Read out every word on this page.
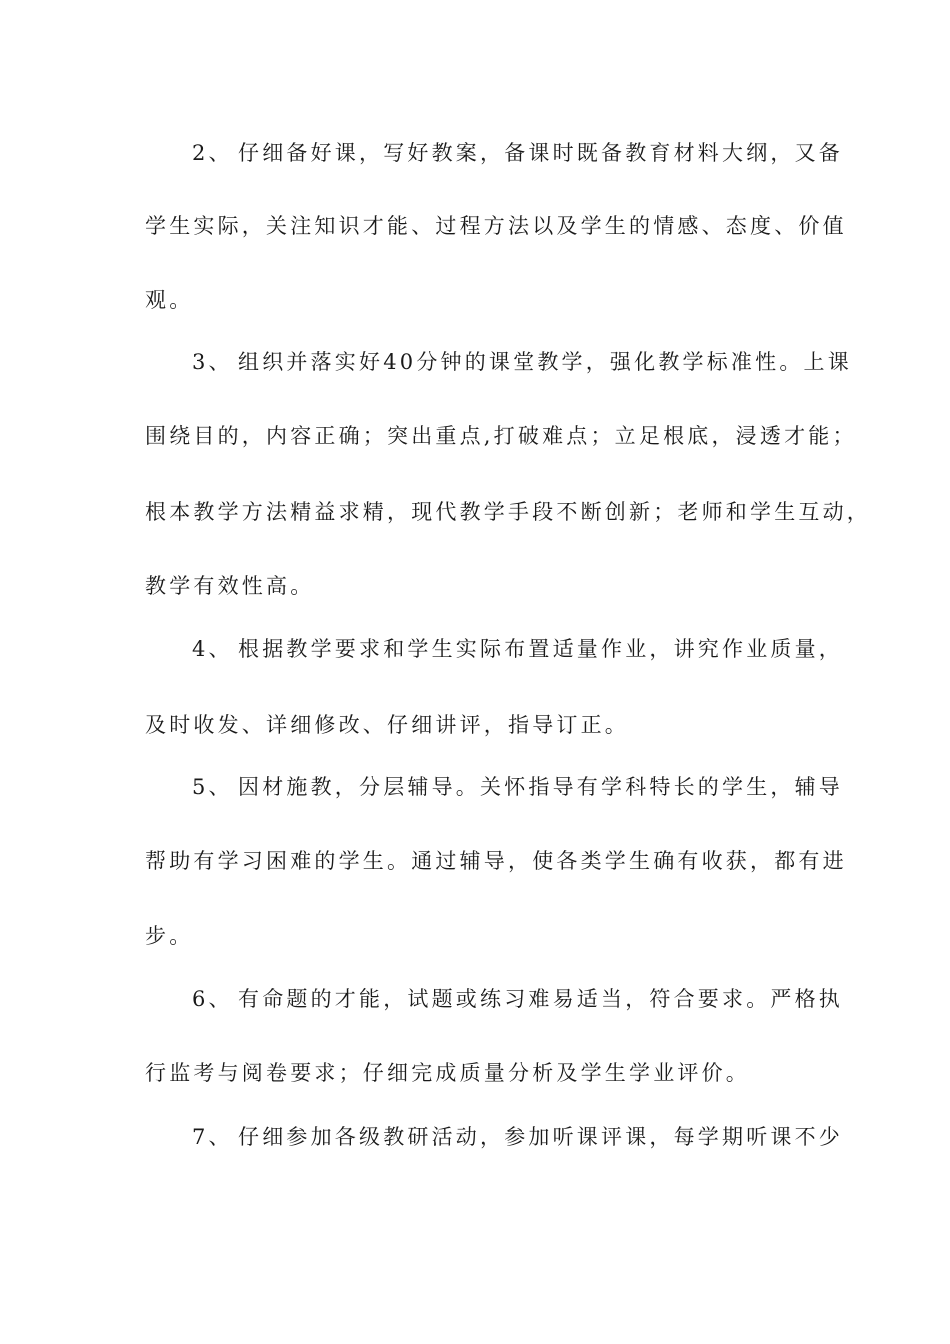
2、 仔细备好课，写好教案，备课时既备教育材料大纲，又备
学生实际，关注知识才能、过程方法以及学生的情感、态度、价值
观。
3、 组织并落实好40分钟的课堂教学，强化教学标准性。上课
围绕目的，内容正确；突出重点,打破难点；立足根底，浸透才能；
根本教学方法精益求精，现代教学手段不断创新；老师和学生互动，
教学有效性高。
4、 根据教学要求和学生实际布置适量作业，讲究作业质量，
及时收发、详细修改、仔细讲评，指导订正。
5、 因材施教，分层辅导。关怀指导有学科特长的学生，辅导
帮助有学习困难的学生。通过辅导，使各类学生确有收获，都有进
步。
6、 有命题的才能，试题或练习难易适当，符合要求。严格执
行监考与阅卷要求；仔细完成质量分析及学生学业评价。
7、 仔细参加各级教研活动，参加听课评课，每学期听课不少
